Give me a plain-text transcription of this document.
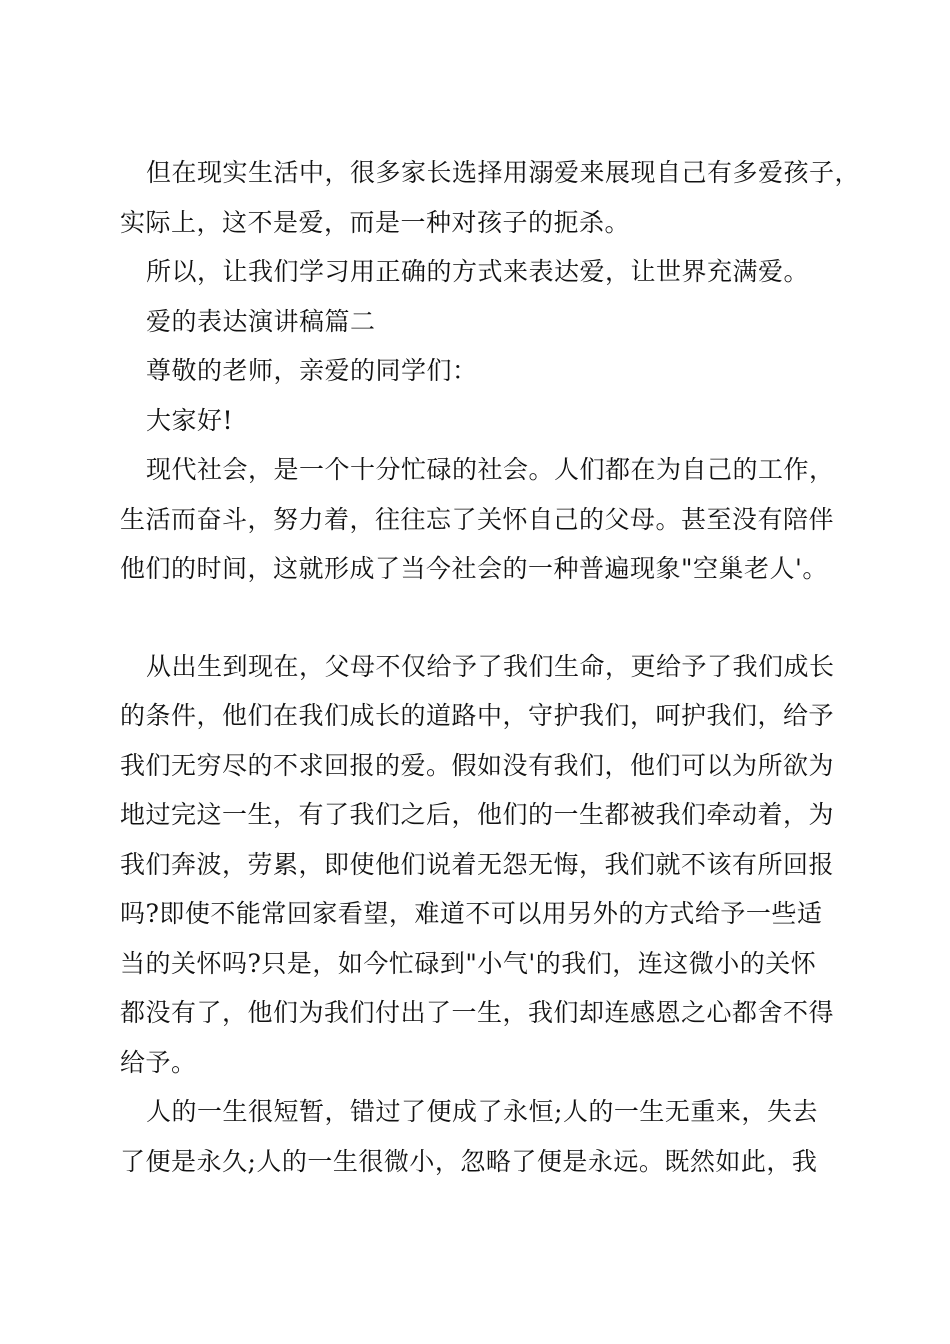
但在现实生活中，很多家长选择用溺爱来展现自己有多爱孩子，
实际上，这不是爱，而是一种对孩子的扼杀。
所以，让我们学习用正确的方式来表达爱，让世界充满爱。
爱的表达演讲稿篇二
尊敬的老师，亲爱的同学们：
大家好!
现代社会，是一个十分忙碌的社会。人们都在为自己的工作，
生活而奋斗，努力着，往往忘了关怀自己的父母。甚至没有陪伴
他们的时间，这就形成了当今社会的一种普遍现象"空巢老人'。
从出生到现在，父母不仅给予了我们生命，更给予了我们成长
的条件，他们在我们成长的道路中，守护我们，呵护我们，给予
我们无穷尽的不求回报的爱。假如没有我们，他们可以为所欲为
地过完这一生，有了我们之后，他们的一生都被我们牵动着，为
我们奔波，劳累，即使他们说着无怨无悔，我们就不该有所回报
吗?即使不能常回家看望，难道不可以用另外的方式给予一些适
当的关怀吗?只是，如今忙碌到"小气'的我们，连这微小的关怀
都没有了，他们为我们付出了一生，我们却连感恩之心都舍不得
给予。
人的一生很短暂，错过了便成了永恒;人的一生无重来，失去
了便是永久;人的一生很微小，忽略了便是永远。既然如此，我
